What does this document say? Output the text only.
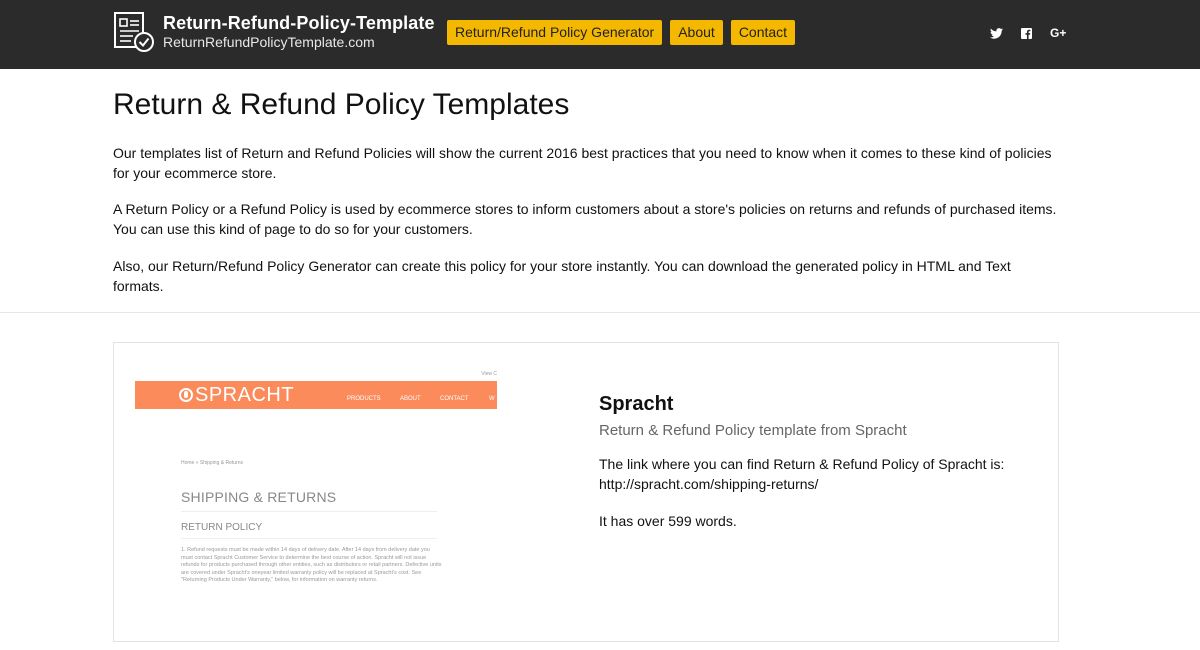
Return-Refund-Policy-Template
ReturnRefundPolicyTemplate.com
Return/Refund Policy Generator	About	Contact	G+
Return & Refund Policy Templates

Our templates list of Return and Refund Policies will show the current 2016 best practices that you need to know when it comes to these kind of policies for your ecommerce store.

A Return Policy or a Refund Policy is used by ecommerce stores to inform customers about a store's policies on returns and refunds of purchased items. You can use this kind of page to do so for your customers.

Also, our Return/Refund Policy Generator can create this policy for your store instantly. You can download the generated policy in HTML and Text formats.

View C
SPRACHT	PRODUCTS	ABOUT	CONTACT	W
Home » Shipping & Returns
SHIPPING & RETURNS
RETURN POLICY

1. Refund requests must be made within 14 days of delivery date. After 14 days from delivery date you must contact Spracht Customer Service to determine the best course of action. Spracht will not issue refunds for products purchased through other entities, such as distributors or retail partners. Defective units are covered under Spracht's oneyear limited warranty policy will be replaced at Spracht's cost. See "Returning Products Under Warranty," below, for information on warranty returns.

Spracht
Return & Refund Policy template from Spracht

The link where you can find Return & Refund Policy of Spracht is:

http://spracht.com/shipping-returns/

It has over 599 words.
